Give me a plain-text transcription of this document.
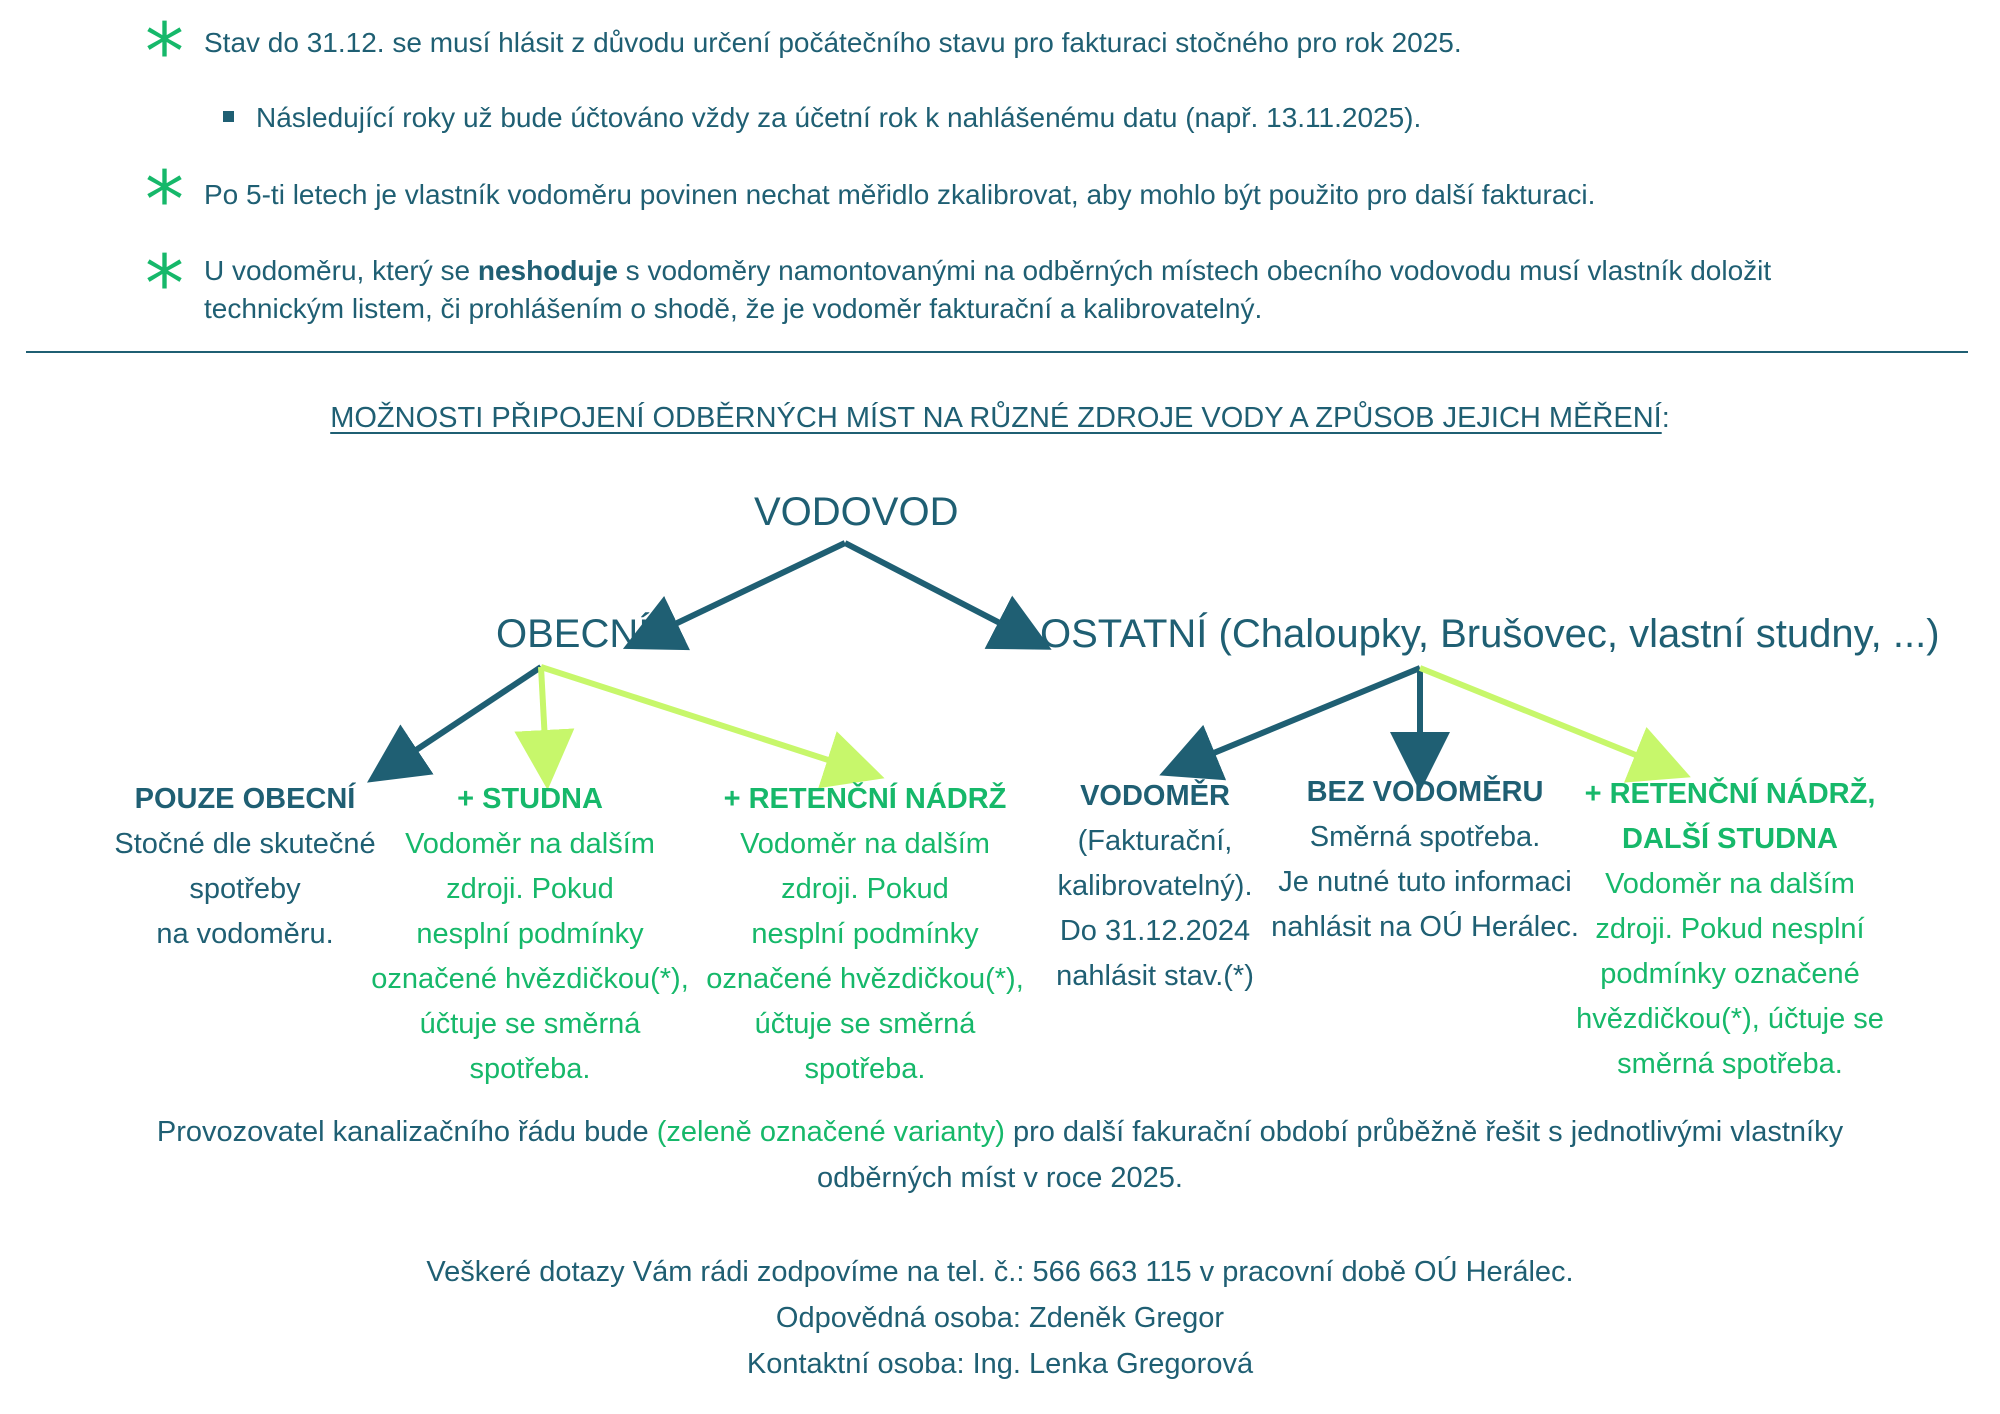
* Stav do 31.12. se musí hlásit z důvodu určení počátečního stavu pro fakturaci stočného pro rok 2025.
Následující roky už bude účtováno vždy za účetní rok k nahlášenému datu (např. 13.11.2025).
* Po 5-ti letech je vlastník vodoměru povinen nechat měřidlo zkalibrovat, aby mohlo být použito pro další fakturaci.
* U vodoměru, který se neshoduje s vodoměry namontovanými na odběrných místech obecního vodovodu musí vlastník doložit
technickým listem, či prohlášením o shodě, že je vodoměr fakturační a kalibrovatelný.
MOŽNOSTI PŘIPOJENÍ ODBĚRNÝCH MÍST NA RŮZNÉ ZDROJE VODY A ZPŮSOB JEJICH MĚŘENÍ:
VODOVOD
OBECNÍ	OSTATNÍ (Chaloupky, Brušovec, vlastní studny, ...)
POUZE OBECNÍ
Stočné dle skutečné
spotřeby
na vodoměru.
+ STUDNA
Vodoměr na dalším
zdroji. Pokud
nesplní podmínky
označené hvězdičkou(*),
účtuje se směrná
spotřeba.
+ RETENČNÍ NÁDRŽ
Vodoměr na dalším
zdroji. Pokud
nesplní podmínky
označené hvězdičkou(*),
účtuje se směrná
spotřeba.
VODOMĚR
(Fakturační,
kalibrovatelný).
Do 31.12.2024
nahlásit stav.(*)
BEZ VODOMĚRU
Směrná spotřeba.
Je nutné tuto informaci
nahlásit na OÚ Herálec.
+ RETENČNÍ NÁDRŽ,
DALŠÍ STUDNA
Vodoměr na dalším
zdroji. Pokud nesplní
podmínky označené
hvězdičkou(*), účtuje se
směrná spotřeba.
Provozovatel kanalizačního řádu bude (zeleně označené varianty) pro další fakurační období průběžně řešit s jednotlivými vlastníky
odběrných míst v roce 2025.
Veškeré dotazy Vám rádi zodpovíme na tel. č.: 566 663 115 v pracovní době OÚ Herálec.
Odpovědná osoba: Zdeněk Gregor
Kontaktní osoba: Ing. Lenka Gregorová
